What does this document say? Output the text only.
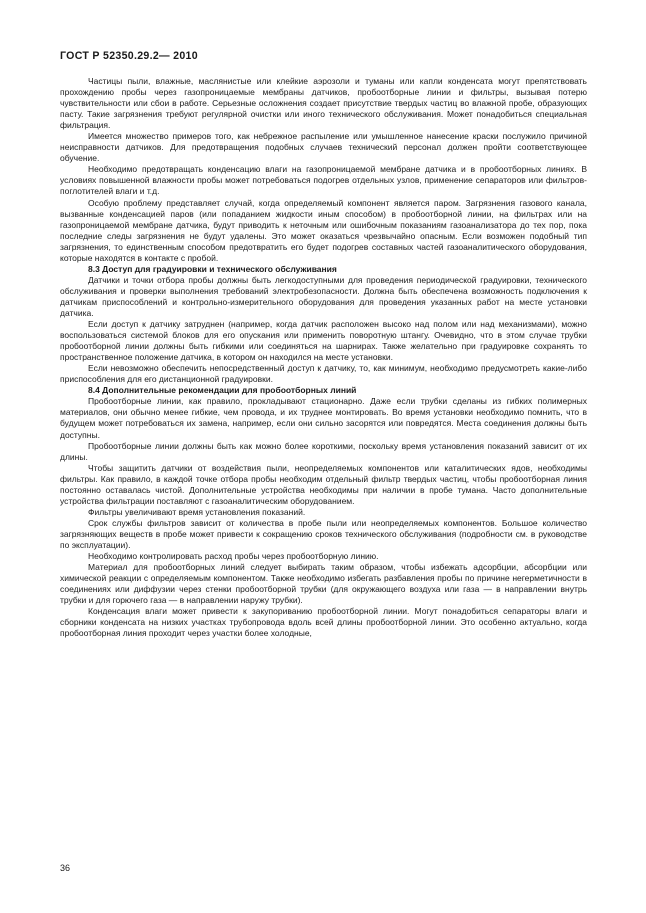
ГОСТ Р 52350.29.2— 2010

Частицы пыли, влажные, маслянистые или клейкие аэрозоли и туманы или капли конденсата могут препятствовать прохождению пробы через газопроницаемые мембраны датчиков, пробоотборные линии и фильтры, вызывая потерю чувствительности или сбои в работе. Серьезные осложнения создает присутствие твердых частиц во влажной пробе, образующих пасту. Такие загрязнения требуют регулярной очистки или иного технического обслуживания. Может понадобиться специальная фильтрация.

Имеется множество примеров того, как небрежное распыление или умышленное нанесение краски послужило причиной неисправности датчиков. Для предотвращения подобных случаев технический персонал должен пройти соответствующее обучение.

Необходимо предотвращать конденсацию влаги на газопроницаемой мембране датчика и в пробоотборных линиях. В условиях повышенной влажности пробы может потребоваться подогрев отдельных узлов, применение сепараторов или фильтров-поглотителей влаги и т.д.

Особую проблему представляет случай, когда определяемый компонент является паром. Загрязнения газового канала, вызванные конденсацией паров (или попаданием жидкости иным способом) в пробоотборной линии, на фильтрах или на газопроницаемой мембране датчика, будут приводить к неточным или ошибочным показаниям газоанализатора до тех пор, пока последние следы загрязнения не будут удалены. Это может оказаться чрезвычайно опасным. Если возможен подобный тип загрязнения, то единственным способом предотвратить его будет подогрев составных частей газоаналитического оборудования, которые находятся в контакте с пробой.

8.3 Доступ для градуировки и технического обслуживания

Датчики и точки отбора пробы должны быть легкодоступными для проведения периодической градуировки, технического обслуживания и проверки выполнения требований электробезопасности. Должна быть обеспечена возможность подключения к датчикам приспособлений и контрольно-измерительного оборудования для проведения указанных работ на месте установки датчика.

Если доступ к датчику затруднен (например, когда датчик расположен высоко над полом или над механизмами), можно воспользоваться системой блоков для его опускания или применить поворотную штангу. Очевидно, что в этом случае трубки пробоотборной линии должны быть гибкими или соединяться на шарнирах. Также желательно при градуировке сохранять то пространственное положение датчика, в котором он находился на месте установки.

Если невозможно обеспечить непосредственный доступ к датчику, то, как минимум, необходимо предусмотреть какие-либо приспособления для его дистанционной градуировки.

8.4 Дополнительные рекомендации для пробоотборных линий

Пробоотборные линии, как правило, прокладывают стационарно. Даже если трубки сделаны из гибких полимерных материалов, они обычно менее гибкие, чем провода, и их труднее монтировать. Во время установки необходимо помнить, что в будущем может потребоваться их замена, например, если они сильно засорятся или повредятся. Места соединения должны быть доступны.

Пробоотборные линии должны быть как можно более короткими, поскольку время установления показаний зависит от их длины.

Чтобы защитить датчики от воздействия пыли, неопределяемых компонентов или каталитических ядов, необходимы фильтры. Как правило, в каждой точке отбора пробы необходим отдельный фильтр твердых частиц, чтобы пробоотборная линия постоянно оставалась чистой. Дополнительные устройства необходимы при наличии в пробе тумана. Часто дополнительные устройства фильтрации поставляют с газоаналитическим оборудованием.

Фильтры увеличивают время установления показаний.

Срок службы фильтров зависит от количества в пробе пыли или неопределяемых компонентов. Большое количество загрязняющих веществ в пробе может привести к сокращению сроков технического обслуживания (подробности см. в руководстве по эксплуатации).

Необходимо контролировать расход пробы через пробоотборную линию.

Материал для пробоотборных линий следует выбирать таким образом, чтобы избежать адсорбции, абсорбции или химической реакции с определяемым компонентом. Также необходимо избегать разбавления пробы по причине негерметичности в соединениях или диффузии через стенки пробоотборной трубки (для окружающего воздуха или газа — в направлении внутрь трубки и для горючего газа — в направлении наружу трубки).

Конденсация влаги может привести к закупориванию пробоотборной линии. Могут понадобиться сепараторы влаги и сборники конденсата на низких участках трубопровода вдоль всей длины пробоотборной линии. Это особенно актуально, когда пробоотборная линия проходит через участки более холодные,

36
